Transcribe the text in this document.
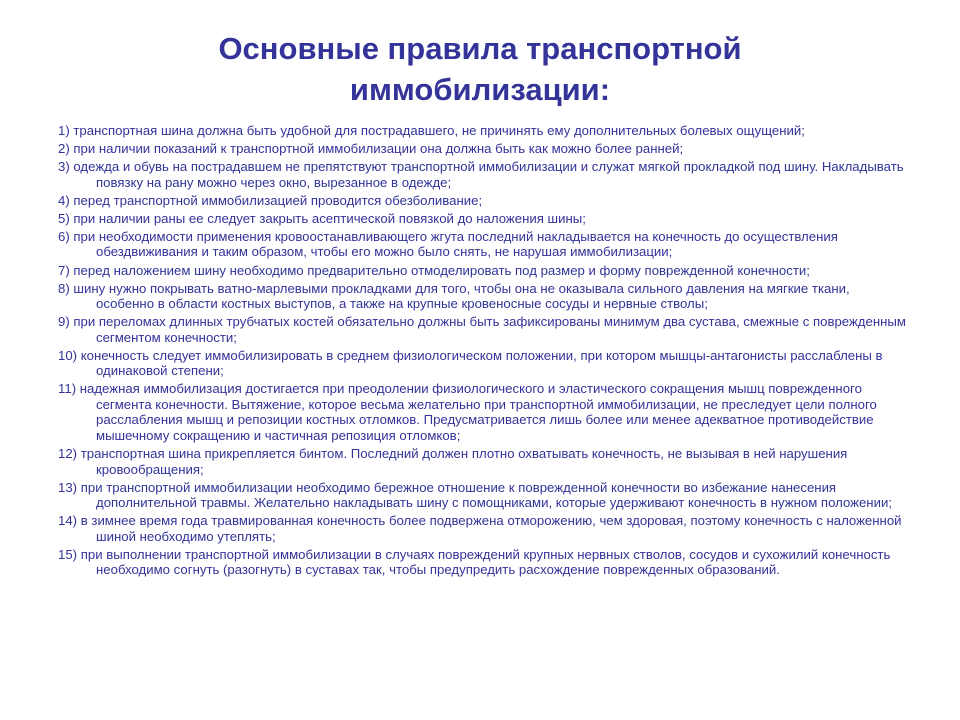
Основные правила транспортной
иммобилизации:
1) транспортная шина должна быть удобной для пострадавшего, не причинять ему дополнительных болевых ощущений;
2) при наличии показаний к транспортной иммобилизации она должна быть как можно более ранней;
3) одежда и обувь на пострадавшем не препятствуют транспортной иммобилизации и служат мягкой прокладкой под шину. Накладывать повязку на рану можно через окно, вырезанное в одежде;
4) перед транспортной иммобилизацией проводится обезболивание;
5) при наличии раны ее следует закрыть асептической повязкой до наложения шины;
6) при необходимости применения кровоостанавливающего жгута последний накладывается на конечность до осуществления обездвиживания и таким образом, чтобы его можно было снять, не нарушая иммобилизации;
7) перед наложением шину необходимо предварительно отмоделировать под размер и форму поврежденной конечности;
8) шину нужно покрывать ватно-марлевыми прокладками для того, чтобы она не оказывала сильного давления на мягкие ткани, особенно в области костных выступов, а также на крупные кровеносные сосуды и нервные стволы;
9) при переломах длинных трубчатых костей обязательно должны быть зафиксированы минимум два сустава, смежные с поврежденным сегментом конечности;
10) конечность следует иммобилизировать в среднем физиологическом положении, при котором мышцы-антагонисты расслаблены в одинаковой степени;
11) надежная иммобилизация достигается при преодолении физиологического и эластического сокращения мышц поврежденного сегмента конечности. Вытяжение, которое весьма желательно при транспортной иммобилизации, не преследует цели полного расслабления мышц и репозиции костных отломков. Предусматривается лишь более или менее адекватное противодействие мышечному сокращению и частичная репозиция отломков;
12) транспортная шина прикрепляется бинтом. Последний должен плотно охватывать конечность, не вызывая в ней нарушения кровообращения;
13) при транспортной иммобилизации необходимо бережное отношение к поврежденной конечности во избежание нанесения дополнительной травмы. Желательно накладывать шину с помощниками, которые удерживают конечность в нужном положении;
14) в зимнее время года травмированная конечность более подвержена отморожению, чем здоровая, поэтому конечность с наложенной шиной необходимо утеплять;
15) при выполнении транспортной иммобилизации в случаях повреждений крупных нервных стволов, сосудов и сухожилий конечность необходимо согнуть (разогнуть) в суставах так, чтобы предупредить расхождение поврежденных образований.
